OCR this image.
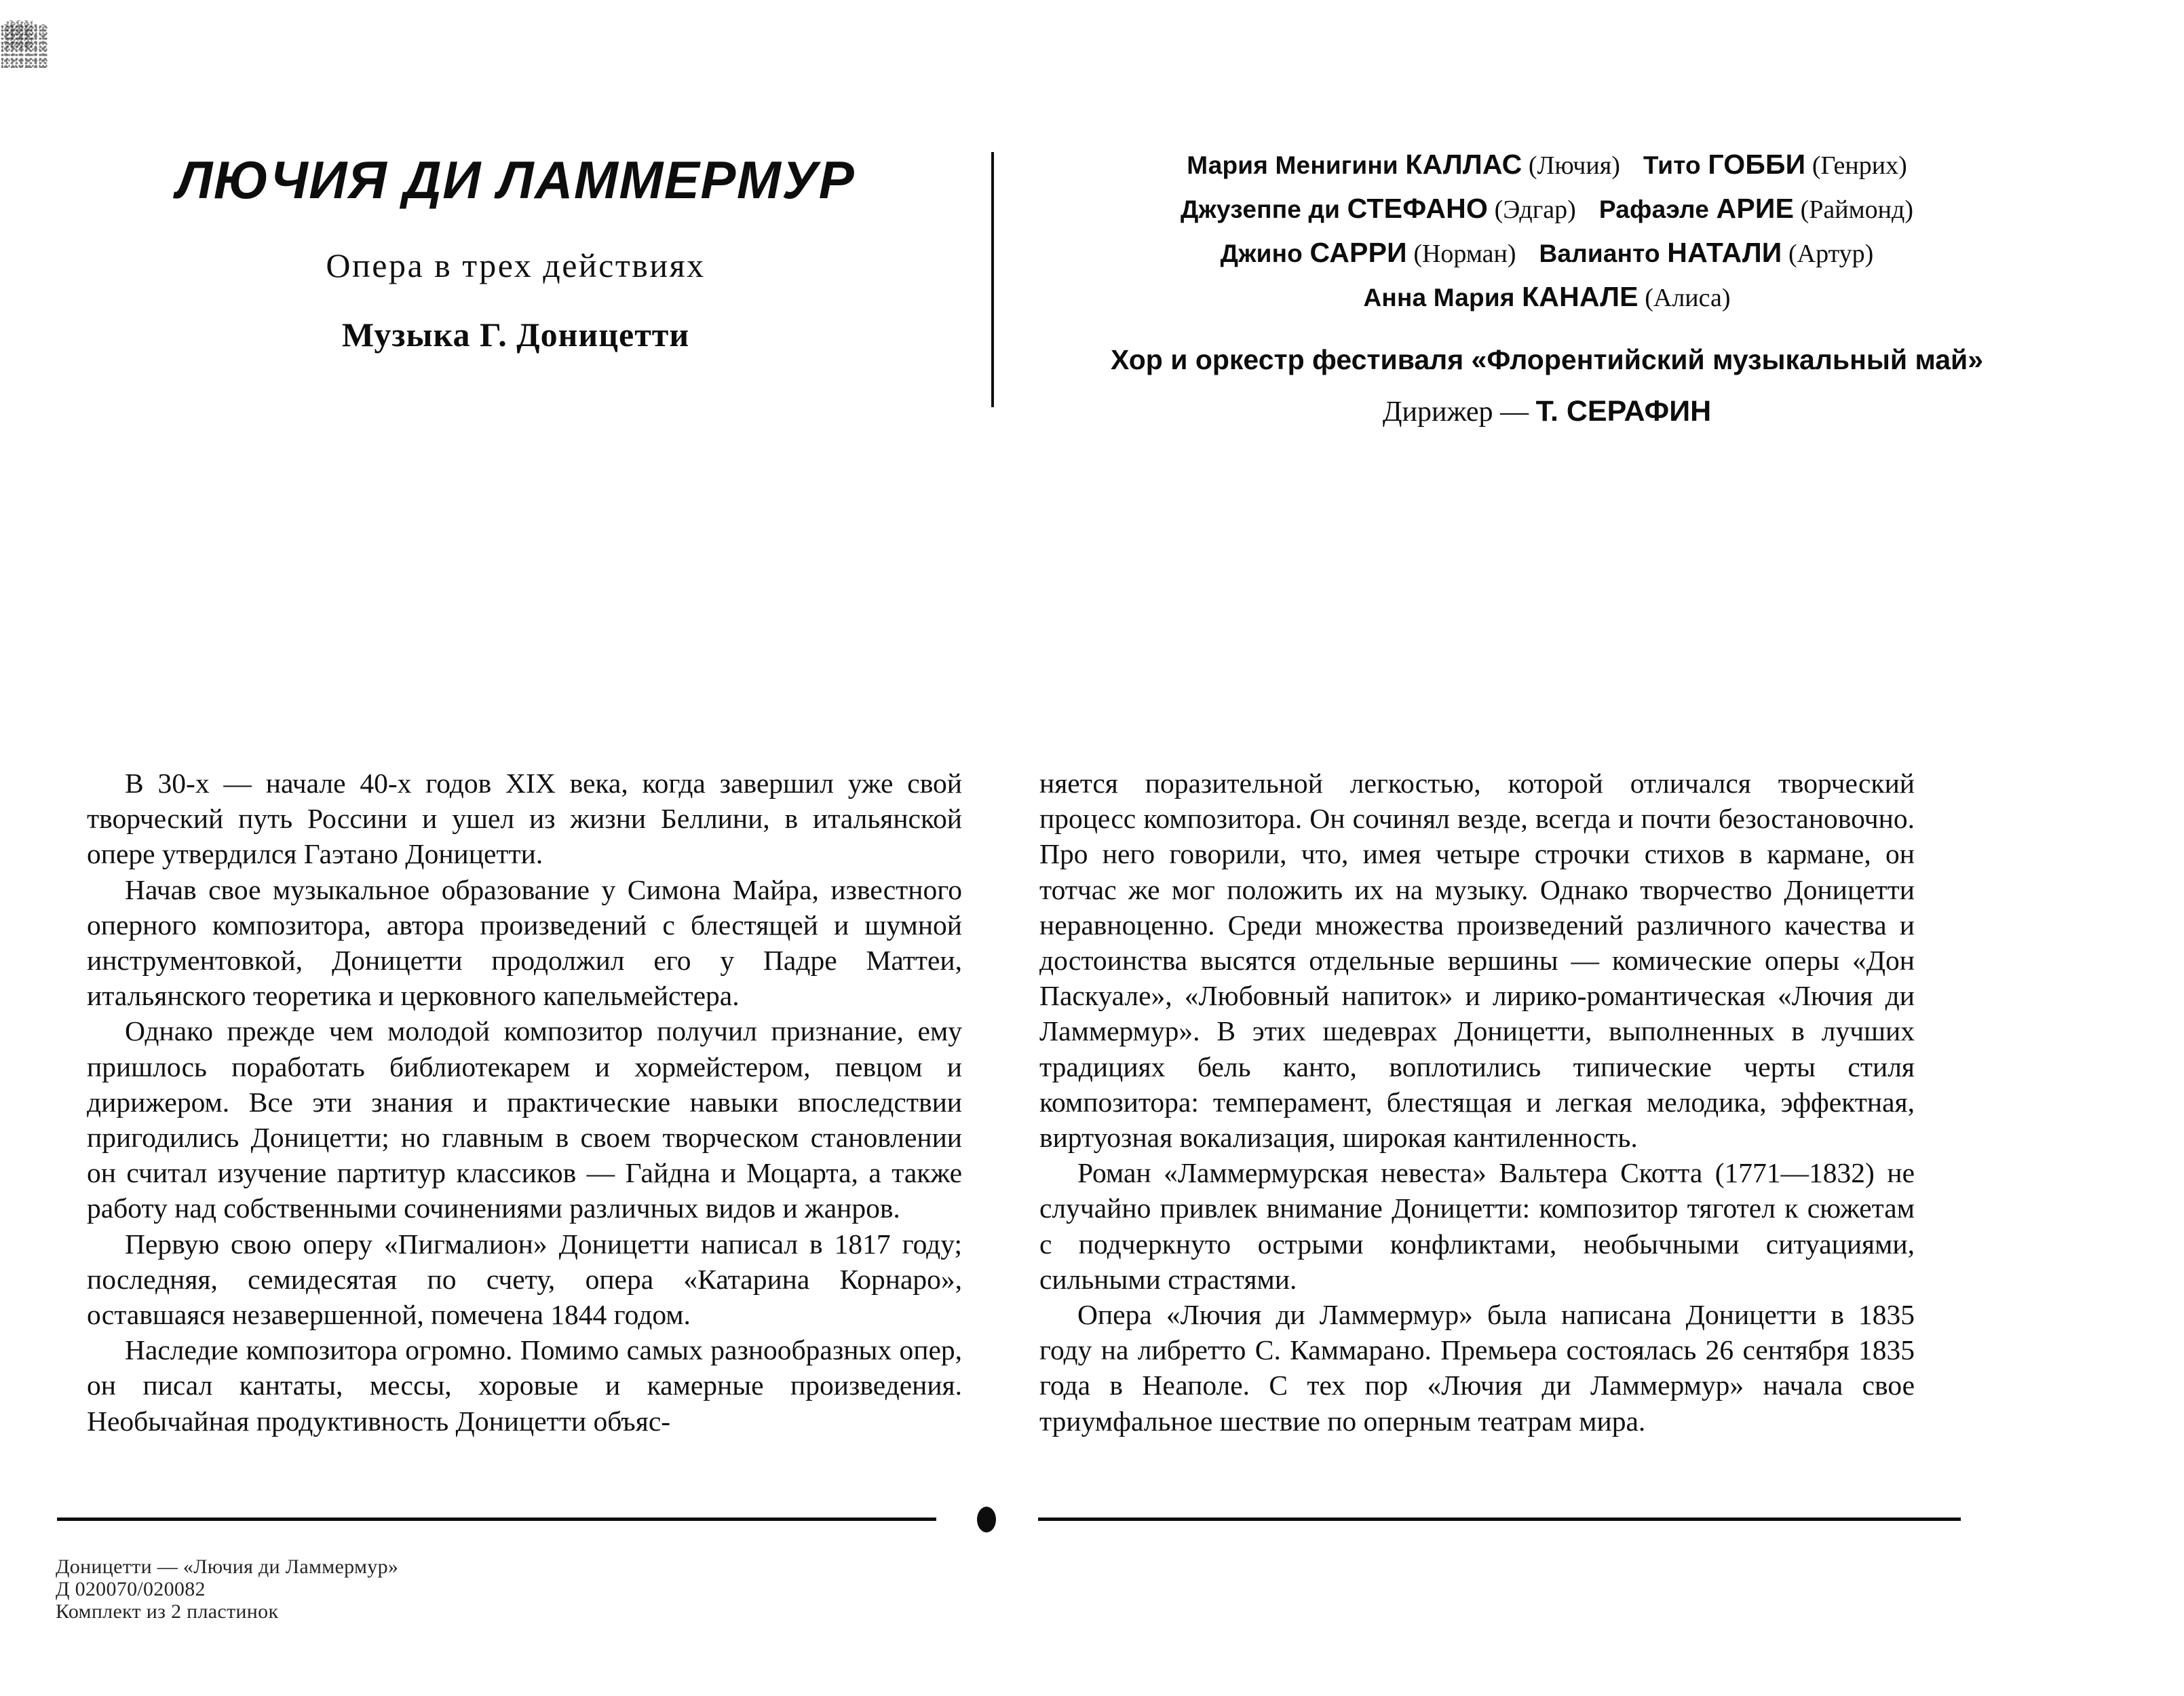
ЛЮЧИЯ ДИ ЛАММЕРМУР

Опера в трех действиях

Музыка Г. Доницетти

Мария Менигини КАЛЛАС (Лючия) Тито ГОББИ (Генрих)

Джузеппе ди СТЕФАНО (Эдгар) Рафаэле АРИЕ (Раймонд)

Джино САРРИ (Норман) Валианто НАТАЛИ (Артур)

Анна Мария КАНАЛЕ (Алиса)

Хор и оркестр фестиваля «Флорентийский музыкальный май»

Дирижер — Т. СЕРАФИН

В 30-х — начале 40-х годов XIX века, когда завершил уже свой творческий путь Россини и ушел из жизни Беллини, в итальянской опере утвердился Гаэтано Доницетти.

Начав свое музыкальное образование у Симона Майра, известного оперного композитора, автора произведений с блестящей и шумной инструментовкой, Доницетти продолжил его у Падре Маттеи, итальянского теоретика и церковного капельмейстера.

Однако прежде чем молодой композитор получил признание, ему пришлось поработать библиотекарем и хормейстером, певцом и дирижером. Все эти знания и практические навыки впоследствии пригодились Доницетти; но главным в своем творческом становлении он считал изучение партитур классиков — Гайдна и Моцарта, а также работу над собственными сочинениями различных видов и жанров.

Первую свою оперу «Пигмалион» Доницетти написал в 1817 году; последняя, семидесятая по счету, опера «Катарина Корнаро», оставшаяся незавершенной, помечена 1844 годом.

Наследие композитора огромно. Помимо самых разнообразных опер, он писал кантаты, мессы, хоровые и камерные произведения. Необычайная продуктивность Доницетти объяс-

няется поразительной легкостью, которой отличался творческий процесс композитора. Он сочинял везде, всегда и почти безостановочно. Про него говорили, что, имея четыре строчки стихов в кармане, он тотчас же мог положить их на музыку. Однако творчество Доницетти неравноценно. Среди множества произведений различного качества и достоинства высятся отдельные вершины — комические оперы «Дон Паскуале», «Любовный напиток» и лирико-романтическая «Лючия ди Ламмермур». В этих шедеврах Доницетти, выполненных в лучших традициях бель канто, воплотились типические черты стиля композитора: темперамент, блестящая и легкая мелодика, эффектная, виртуозная вокализация, широкая кантиленность.

Роман «Ламмермурская невеста» Вальтера Скотта (1771—1832) не случайно привлек внимание Доницетти: композитор тяготел к сюжетам с подчеркнуто острыми конфликтами, необычными ситуациями, сильными страстями.

Опера «Лючия ди Ламмермур» была написана Доницетти в 1835 году на либретто С. Каммарано. Премьера состоялась 26 сентября 1835 года в Неаполе. С тех пор «Лючия ди Ламмермур» начала свое триумфальное шествие по оперным театрам мира.

Доницетти — «Лючия ди Ламмермур»
Д 020070/020082
Комплект из 2 пластинок
